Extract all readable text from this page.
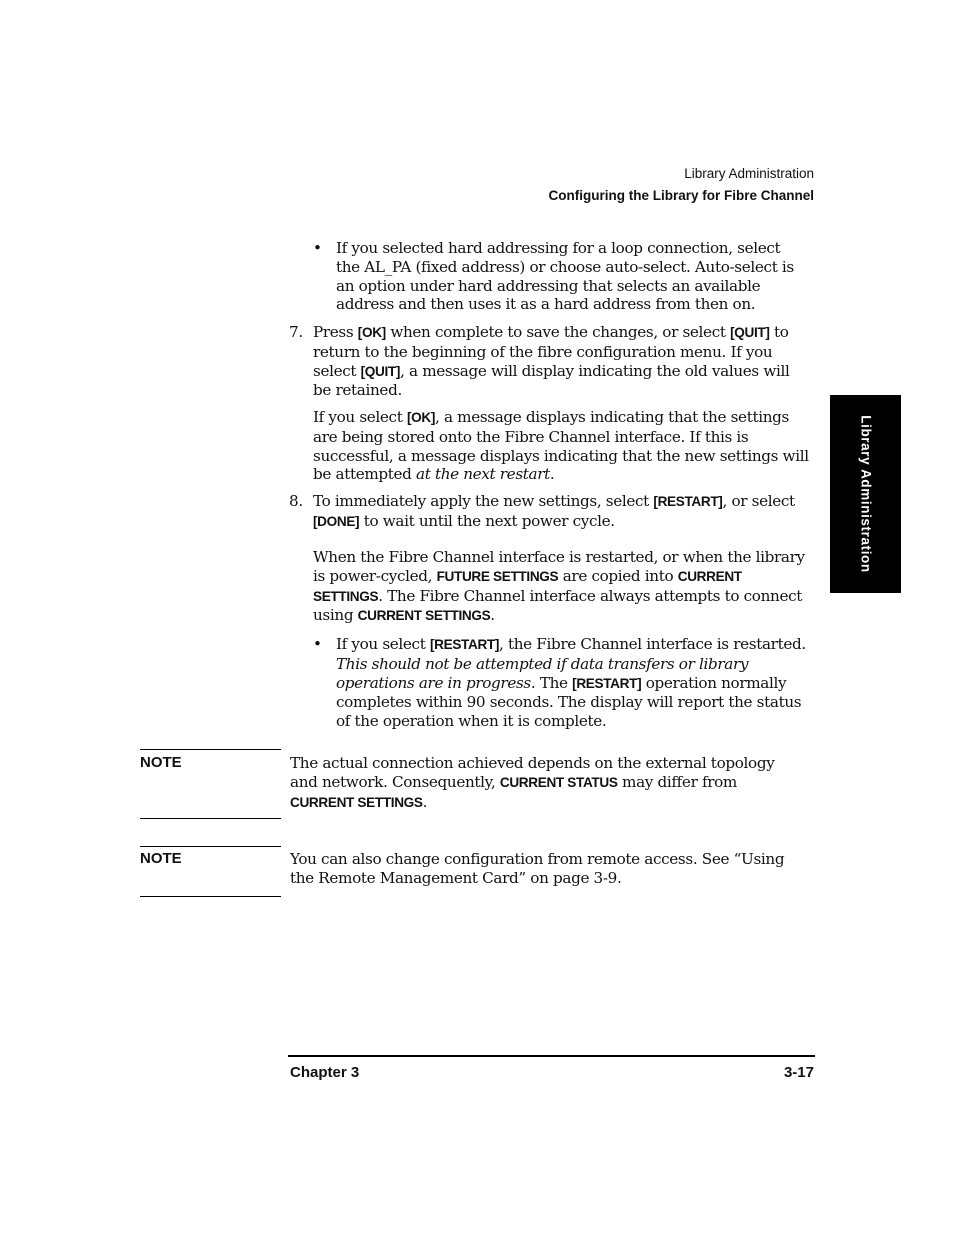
Library Administration
Configuring the Library for Fibre Channel
Library Administration
• If you selected hard addressing for a loop connection, select the AL_PA (fixed address) or choose auto-select. Auto-select is an option under hard addressing that selects an available address and then uses it as a hard address from then on.
7. Press [OK] when complete to save the changes, or select [QUIT] to return to the beginning of the fibre configuration menu. If you select [QUIT], a message will display indicating the old values will be retained.
If you select [OK], a message displays indicating that the settings are being stored onto the Fibre Channel interface. If this is successful, a message displays indicating that the new settings will be attempted at the next restart.
8. To immediately apply the new settings, select [RESTART], or select [DONE] to wait until the next power cycle.
When the Fibre Channel interface is restarted, or when the library is power-cycled, FUTURE SETTINGS are copied into CURRENT SETTINGS. The Fibre Channel interface always attempts to connect using CURRENT SETTINGS.
• If you select [RESTART], the Fibre Channel interface is restarted. This should not be attempted if data transfers or library operations are in progress. The [RESTART] operation normally completes within 90 seconds. The display will report the status of the operation when it is complete.
NOTE	The actual connection achieved depends on the external topology and network. Consequently, CURRENT STATUS may differ from CURRENT SETTINGS.
NOTE	You can also change configuration from remote access. See “Using the Remote Management Card” on page 3-9.
Chapter 3	3-17
